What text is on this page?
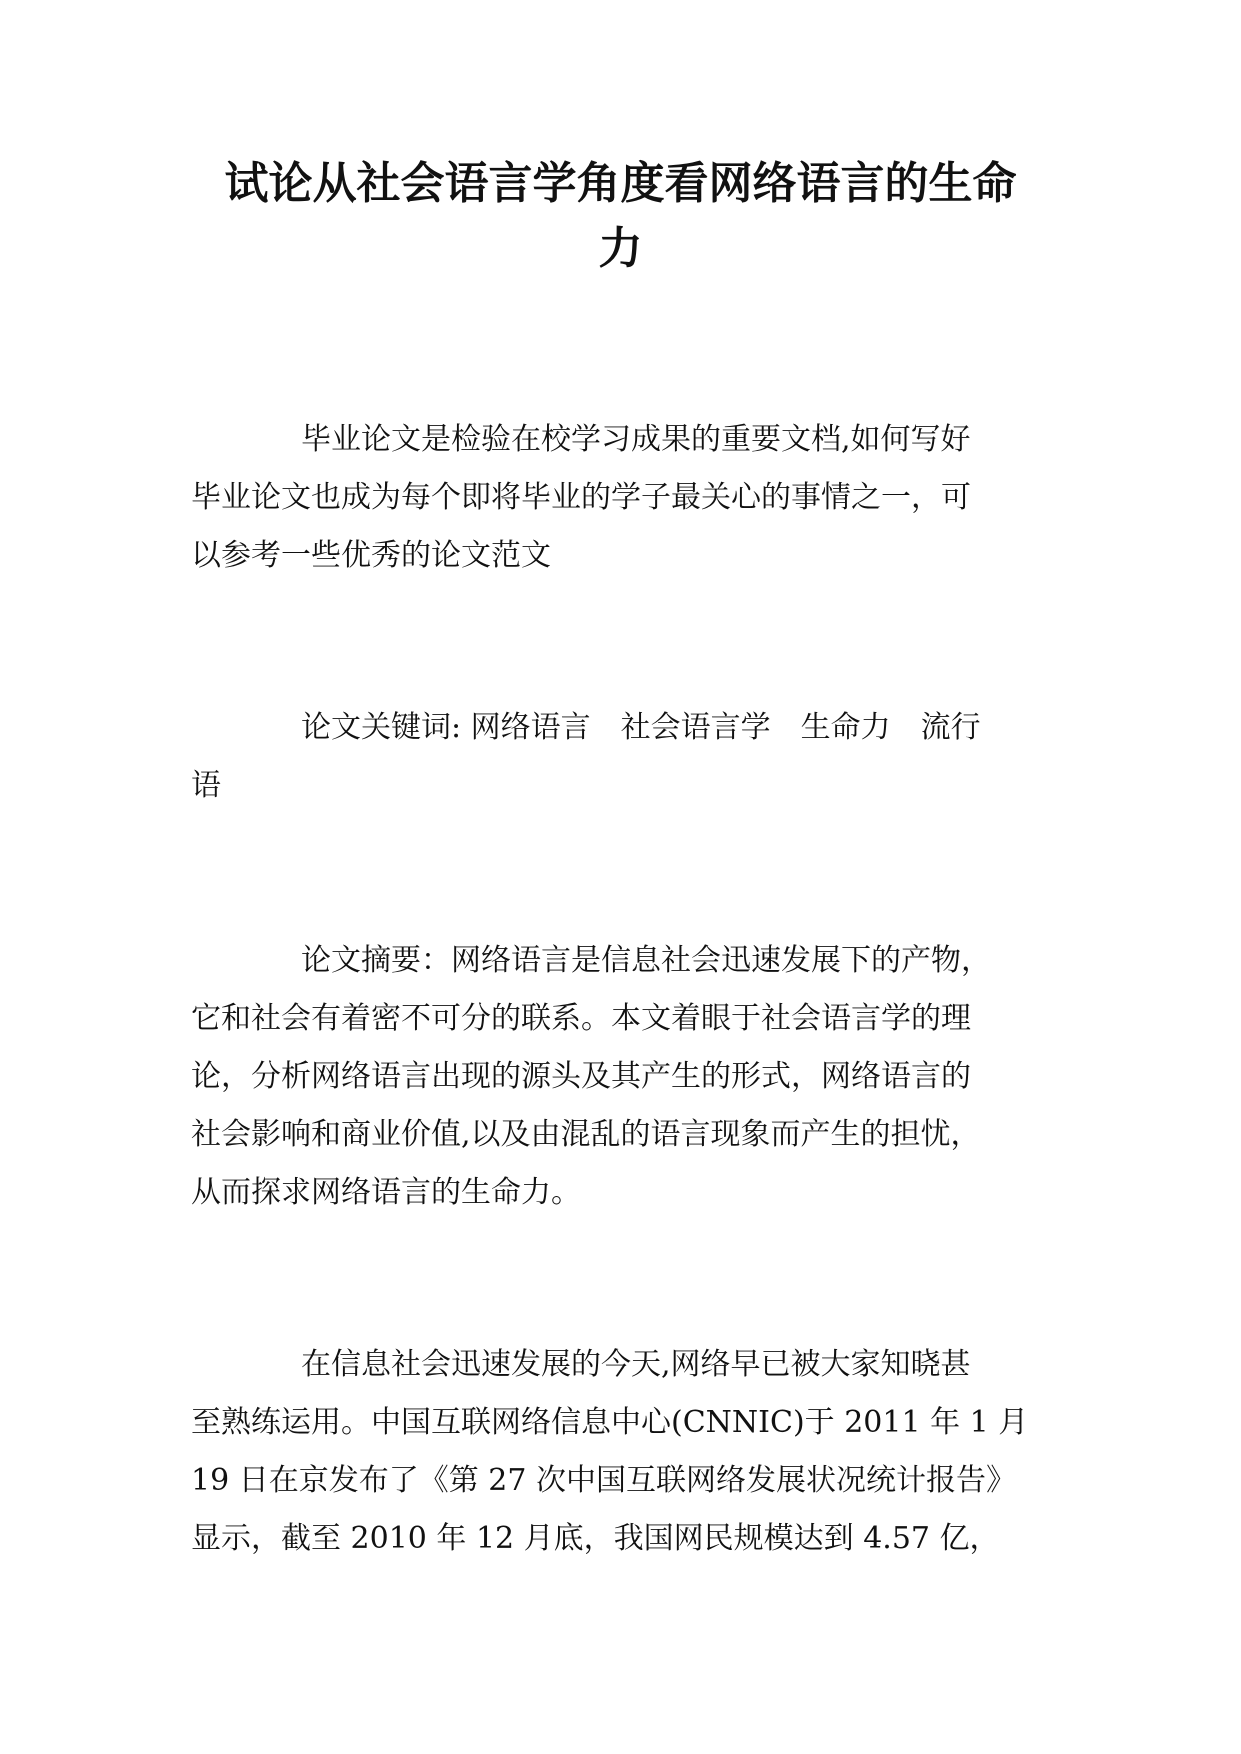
试论从社会语言学角度看网络语言的生命
力
毕业论文是检验在校学习成果的重要文档,如何写好
毕业论文也成为每个即将毕业的学子最关心的事情之一，可
以参考一些优秀的论文范文
论文关键词: 网络语言　社会语言学　生命力　流行
语
论文摘要：网络语言是信息社会迅速发展下的产物，
它和社会有着密不可分的联系。本文着眼于社会语言学的理
论，分析网络语言出现的源头及其产生的形式，网络语言的
社会影响和商业价值,以及由混乱的语言现象而产生的担忧，
从而探求网络语言的生命力。
在信息社会迅速发展的今天,网络早已被大家知晓甚
至熟练运用。中国互联网络信息中心(CNNIC)于 2011 年 1 月
19 日在京发布了《第 27 次中国互联网络发展状况统计报告》
显示，截至 2010 年 12 月底，我国网民规模达到 4.57 亿，
